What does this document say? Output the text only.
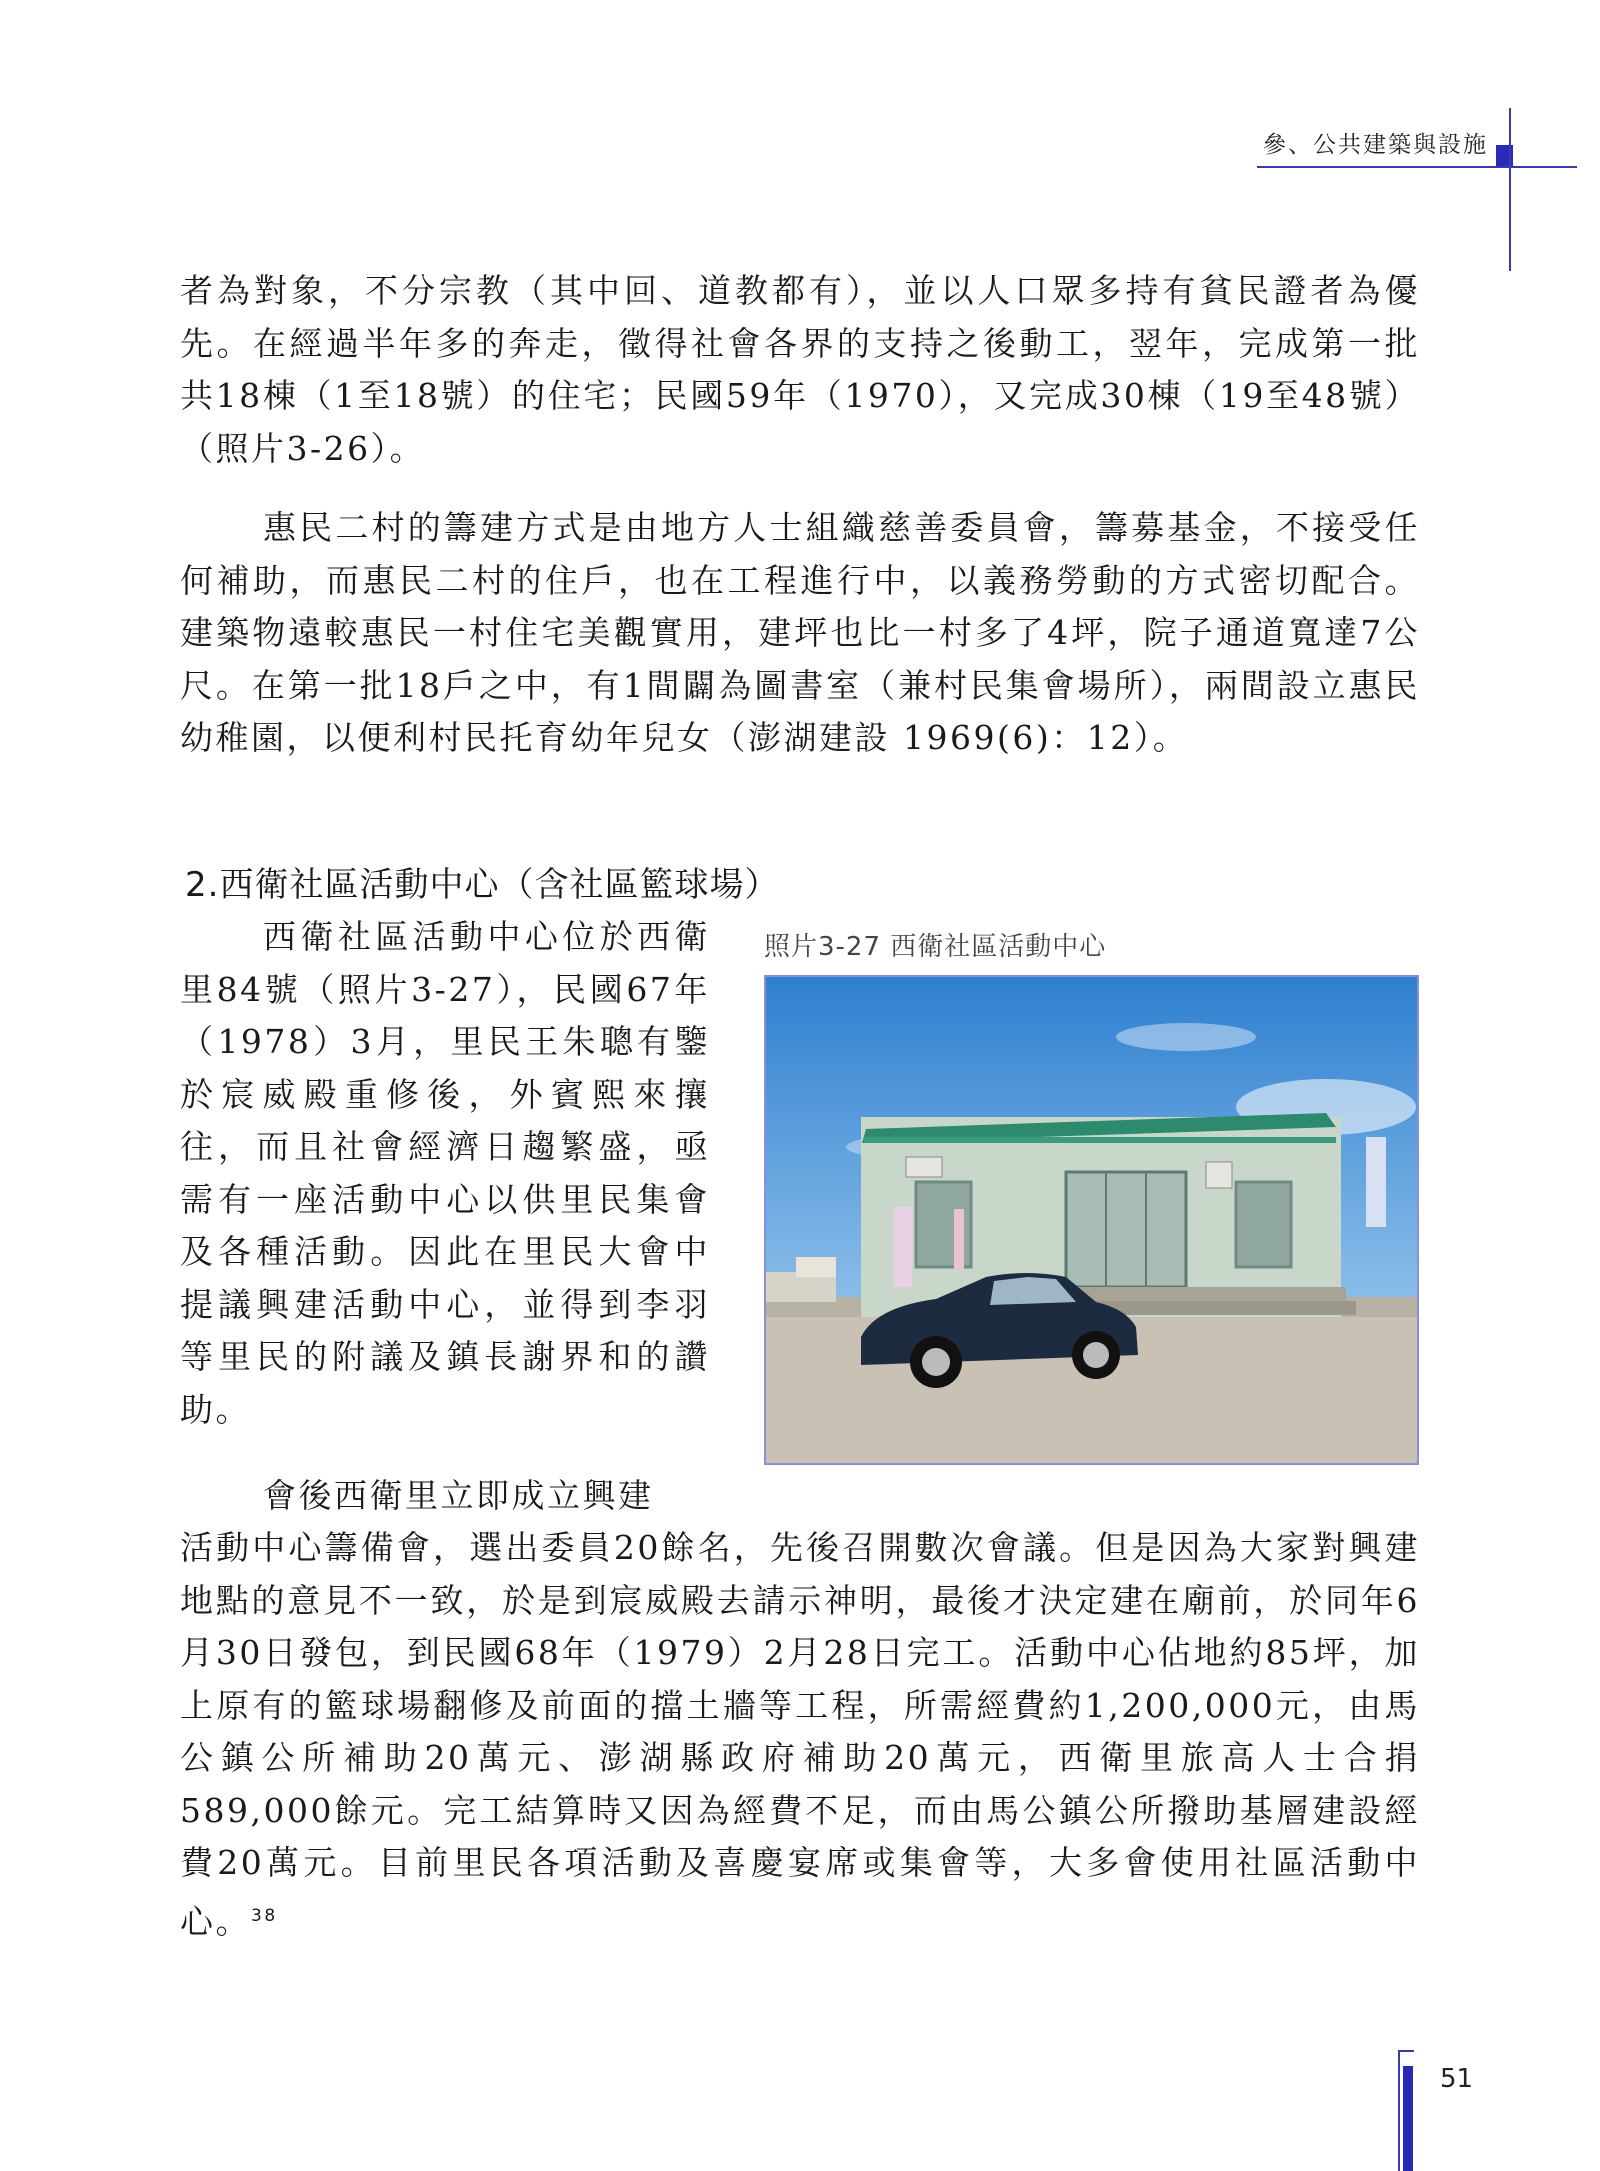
參、公共建築與設施

者為對象，不分宗教（其中回、道教都有），並以人口眾多持有貧民證者為優先。在經過半年多的奔走，徵得社會各界的支持之後動工，翌年，完成第一批共18棟（1至18號）的住宅；民國59年（1970），又完成30棟（19至48號）（照片3-26）。

惠民二村的籌建方式是由地方人士組織慈善委員會，籌募基金，不接受任何補助，而惠民二村的住戶，也在工程進行中，以義務勞動的方式密切配合。建築物遠較惠民一村住宅美觀實用，建坪也比一村多了4坪，院子通道寬達7公尺。在第一批18戶之中，有1間闢為圖書室（兼村民集會場所），兩間設立惠民幼稚園，以便利村民托育幼年兒女（澎湖建設 1969(6)：12）。

2.西衛社區活動中心（含社區籃球場）

西衛社區活動中心位於西衛里84號（照片3-27），民國67年（1978）3月，里民王朱聰有鑒於宸威殿重修後，外賓熙來攘往，而且社會經濟日趨繁盛，亟需有一座活動中心以供里民集會及各種活動。因此在里民大會中提議興建活動中心，並得到李羽等里民的附議及鎮長謝界和的讚助。

照片3-27 西衛社區活動中心

會後西衛里立即成立興建

活動中心籌備會，選出委員20餘名，先後召開數次會議。但是因為大家對興建地點的意見不一致，於是到宸威殿去請示神明，最後才決定建在廟前，於同年6月30日發包，到民國68年（1979）2月28日完工。活動中心佔地約85坪，加上原有的籃球場翻修及前面的擋土牆等工程，所需經費約1,200,000元，由馬公鎮公所補助20萬元、澎湖縣政府補助20萬元，西衛里旅高人士合捐589,000餘元。完工結算時又因為經費不足，而由馬公鎮公所撥助基層建設經費20萬元。目前里民各項活動及喜慶宴席或集會等，大多會使用社區活動中心。$^{38}$

51
